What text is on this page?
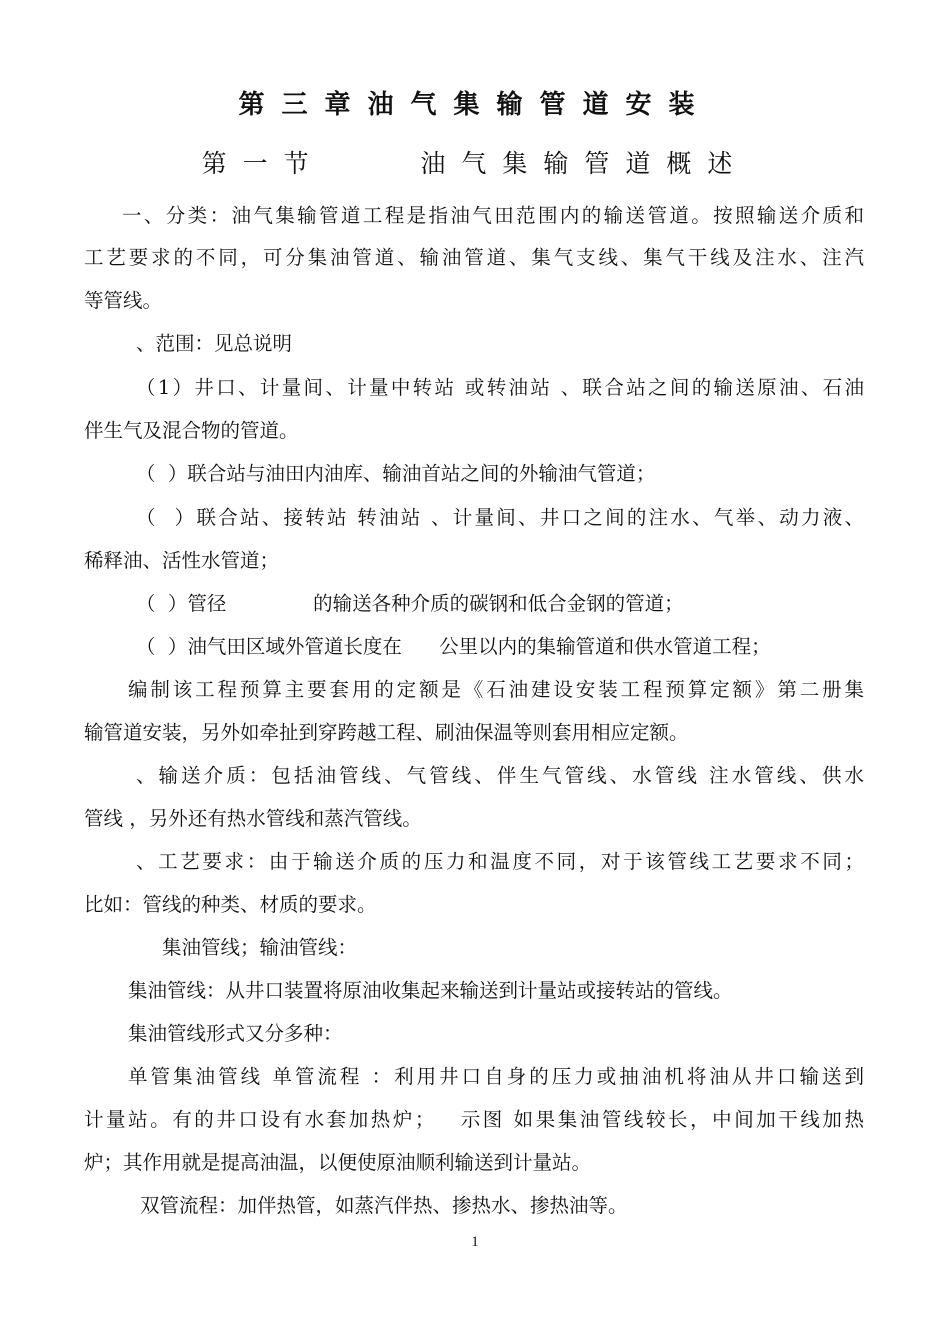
第三章油气集输管道安装
第一节    油气集输管道概述
一、分类：油气集输管道工程是指油气田范围内的输送管道。按照输送介质和
工艺要求的不同，可分集油管道、输油管道、集气支线、集气干线及注水、注汽
等管线。
、范围：见总说明
（1）井口、计量间、计量中转站 或转油站 、联合站之间的输送原油、石油
伴生气及混合物的管道。
（  ）联合站与油田内油库、输油首站之间的外输油气管道；
（  ）联合站、接转站 转油站 、计量间、井口之间的注水、气举、动力液、
稀释油、活性水管道；
（  ）管径              的输送各种介质的碳钢和低合金钢的管道；
（  ）油气田区域外管道长度在      公里以内的集输管道和供水管道工程；
编制该工程预算主要套用的定额是《石油建设安装工程预算定额》第二册集
输管道安装，另外如牵扯到穿跨越工程、刷油保温等则套用相应定额。
、输送介质：包括油管线、气管线、伴生气管线、水管线 注水管线、供水
管线 ，另外还有热水管线和蒸汽管线。
、工艺要求：由于输送介质的压力和温度不同，对于该管线工艺要求不同；
比如：管线的种类、材质的要求。
集油管线；输油管线：
集油管线：从井口装置将原油收集起来输送到计量站或接转站的管线。
集油管线形式又分多种：
单管集油管线 单管流程 ：利用井口自身的压力或抽油机将油从井口输送到
计量站。有的井口设有水套加热炉；   示图 如果集油管线较长，中间加干线加热
炉；其作用就是提高油温，以便使原油顺利输送到计量站。
双管流程：加伴热管，如蒸汽伴热、掺热水、掺热油等。
1
